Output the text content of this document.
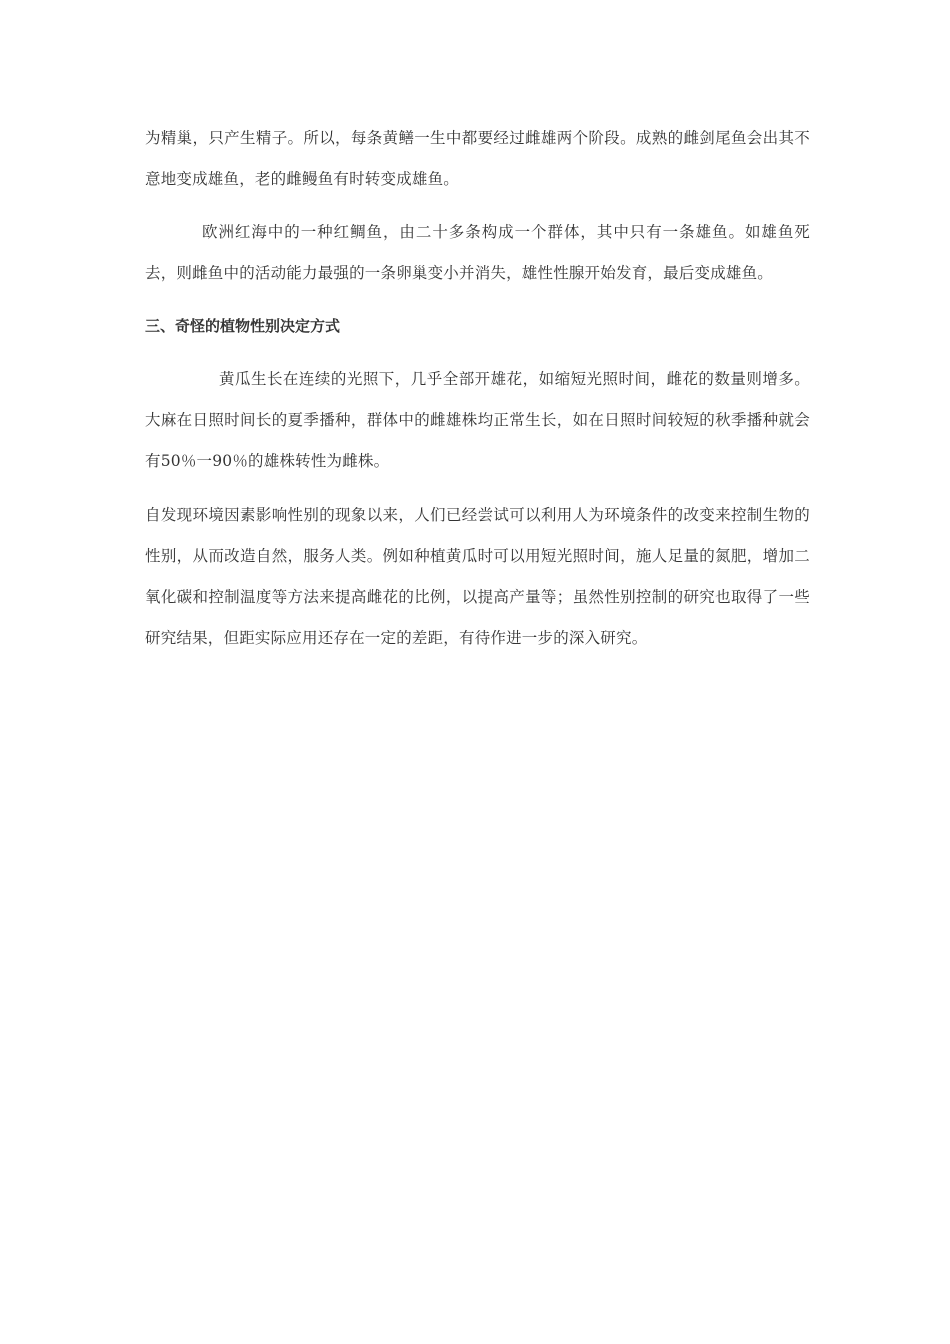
为精巢，只产生精子。所以，每条黄鳝一生中都要经过雌雄两个阶段。成熟的雌剑尾鱼会出其不意地变成雄鱼，老的雌鳗鱼有时转变成雄鱼。

欧洲红海中的一种红鲷鱼，由二十多条构成一个群体，其中只有一条雄鱼。如雄鱼死去，则雌鱼中的活动能力最强的一条卵巢变小并消失，雄性性腺开始发育，最后变成雄鱼。

三、奇怪的植物性别决定方式

黄瓜生长在连续的光照下，几乎全部开雄花，如缩短光照时间，雌花的数量则增多。大麻在日照时间长的夏季播种，群体中的雌雄株均正常生长，如在日照时间较短的秋季播种就会有50％一90％的雄株转性为雌株。

自发现环境因素影响性别的现象以来，人们已经尝试可以利用人为环境条件的改变来控制生物的性别，从而改造自然，服务人类。例如种植黄瓜时可以用短光照时间，施人足量的氮肥，增加二氧化碳和控制温度等方法来提高雌花的比例，以提高产量等；虽然性别控制的研究也取得了一些研究结果，但距实际应用还存在一定的差距，有待作进一步的深入研究。
